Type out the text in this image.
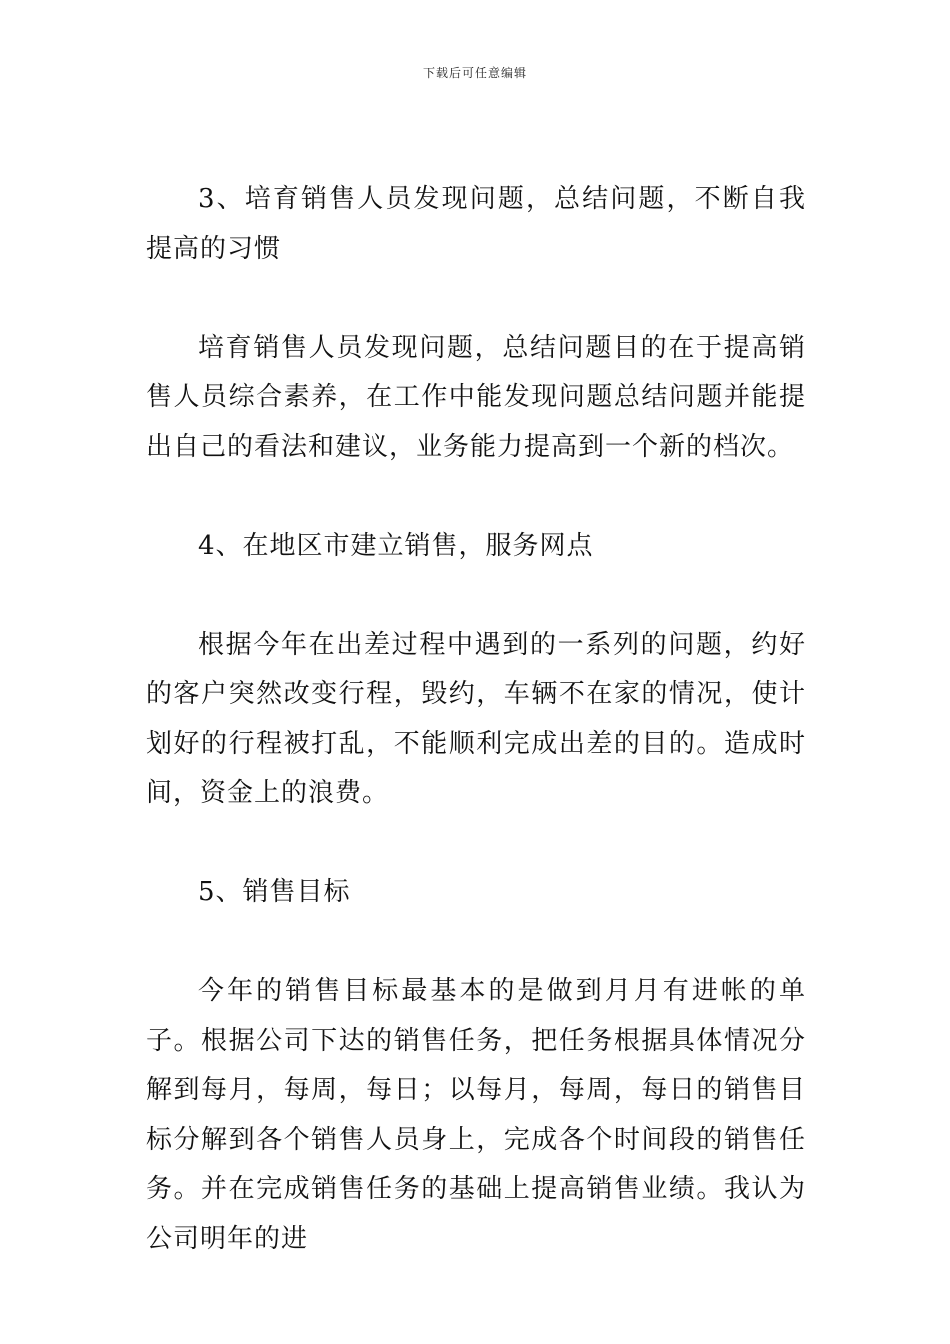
下载后可任意编辑

3、培育销售人员发现问题，总结问题，不断自我提高的习惯

培育销售人员发现问题，总结问题目的在于提高销售人员综合素养，在工作中能发现问题总结问题并能提出自己的看法和建议，业务能力提高到一个新的档次。

4、在地区市建立销售，服务网点

根据今年在出差过程中遇到的一系列的问题，约好的客户突然改变行程，毁约，车辆不在家的情况，使计划好的行程被打乱，不能顺利完成出差的目的。造成时间，资金上的浪费。

5、销售目标

今年的销售目标最基本的是做到月月有进帐的单子。根据公司下达的销售任务，把任务根据具体情况分解到每月，每周，每日；以每月，每周，每日的销售目标分解到各个销售人员身上，完成各个时间段的销售任务。并在完成销售任务的基础上提高销售业绩。我认为公司明年的进
